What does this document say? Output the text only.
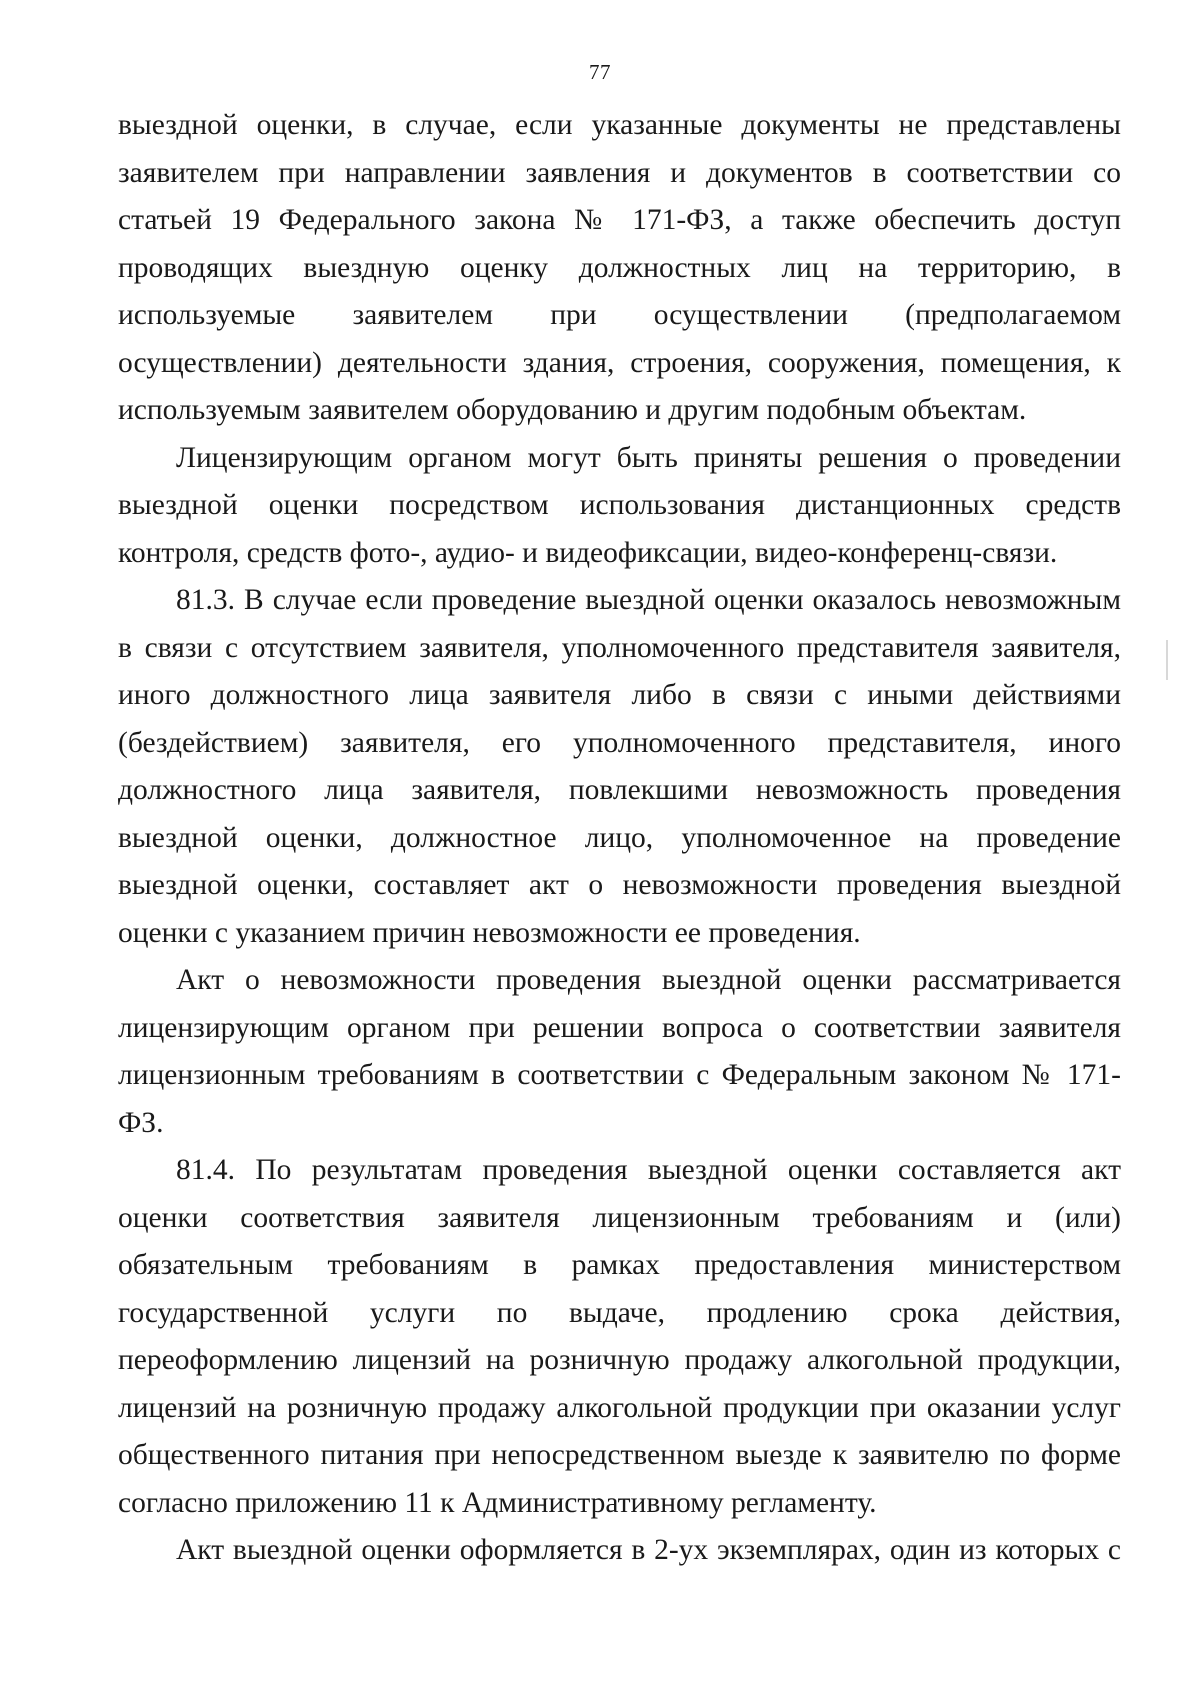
77

выездной оценки, в случае, если указанные документы не представлены заявителем при направлении заявления и документов в соответствии со статьей 19 Федерального закона № 171-ФЗ, а также обеспечить доступ проводящих выездную оценку должностных лиц на территорию, в используемые заявителем при осуществлении (предполагаемом осуществлении) деятельности здания, строения, сооружения, помещения, к используемым заявителем оборудованию и другим подобным объектам.

Лицензирующим органом могут быть приняты решения о проведении выездной оценки посредством использования дистанционных средств контроля, средств фото-, аудио- и видеофиксации, видео-конференц-связи.

81.3. В случае если проведение выездной оценки оказалось невозможным в связи с отсутствием заявителя, уполномоченного представителя заявителя, иного должностного лица заявителя либо в связи с иными действиями (бездействием) заявителя, его уполномоченного представителя, иного должностного лица заявителя, повлекшими невозможность проведения выездной оценки, должностное лицо, уполномоченное на проведение выездной оценки, составляет акт о невозможности проведения выездной оценки с указанием причин невозможности ее проведения.

Акт о невозможности проведения выездной оценки рассматривается лицензирующим органом при решении вопроса о соответствии заявителя лицензионным требованиям в соответствии с Федеральным законом № 171-ФЗ.

81.4. По результатам проведения выездной оценки составляется акт оценки соответствия заявителя лицензионным требованиям и (или) обязательным требованиям в рамках предоставления министерством государственной услуги по выдаче, продлению срока действия, переоформлению лицензий на розничную продажу алкогольной продукции, лицензий на розничную продажу алкогольной продукции при оказании услуг общественного питания при непосредственном выезде к заявителю по форме согласно приложению 11 к Административному регламенту.

Акт выездной оценки оформляется в 2-ух экземплярах, один из которых с
